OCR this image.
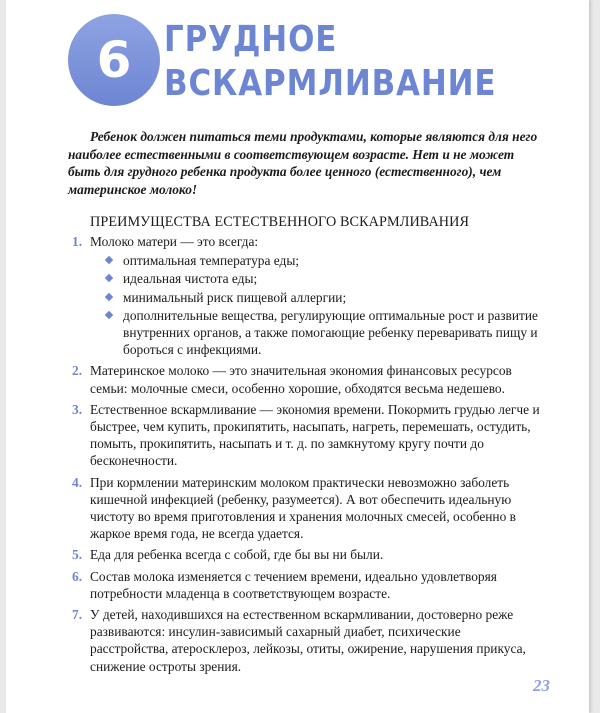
6 ГРУДНОЕ
ВСКАРМЛИВАНИЕ

Ребенок должен питаться теми продуктами, которые являются для него наиболее естественными в соответствующем возрасте. Нет и не может быть для грудного ребенка продукта более ценного (естественного), чем материнское молоко!

ПРЕИМУЩЕСТВА ЕСТЕСТВЕННОГО ВСКАРМЛИВАНИЯ
1. Молоко матери — это всегда:
оптимальная температура еды;
идеальная чистота еды;
минимальный риск пищевой аллергии;
дополнительные вещества, регулирующие оптимальные рост и развитие внутренних органов, а также помогающие ребенку переваривать пищу и бороться с инфекциями.
2. Материнское молоко — это значительная экономия финансовых ресурсов семьи: молочные смеси, особенно хорошие, обходятся весьма недешево.
3. Естественное вскармливание — экономия времени. Покормить грудью легче и быстрее, чем купить, прокипятить, насыпать, нагреть, перемешать, остудить, помыть, прокипятить, насыпать и т. д. по замкнутому кругу почти до бесконечности.
4. При кормлении материнским молоком практически невозможно заболеть кишечной инфекцией (ребенку, разумеется). А вот обеспечить идеальную чистоту во время приготовления и хранения молочных смесей, особенно в жаркое время года, не всегда удается.
5. Еда для ребенка всегда с собой, где бы вы ни были.
6. Состав молока изменяется с течением времени, идеально удовлетворяя потребности младенца в соответствующем возрасте.
7. У детей, находившихся на естественном вскармливании, достоверно реже развиваются: инсулин-зависимый сахарный диабет, психические расстройства, атеросклероз, лейкозы, отиты, ожирение, нарушения прикуса, снижение остроты зрения.
23
